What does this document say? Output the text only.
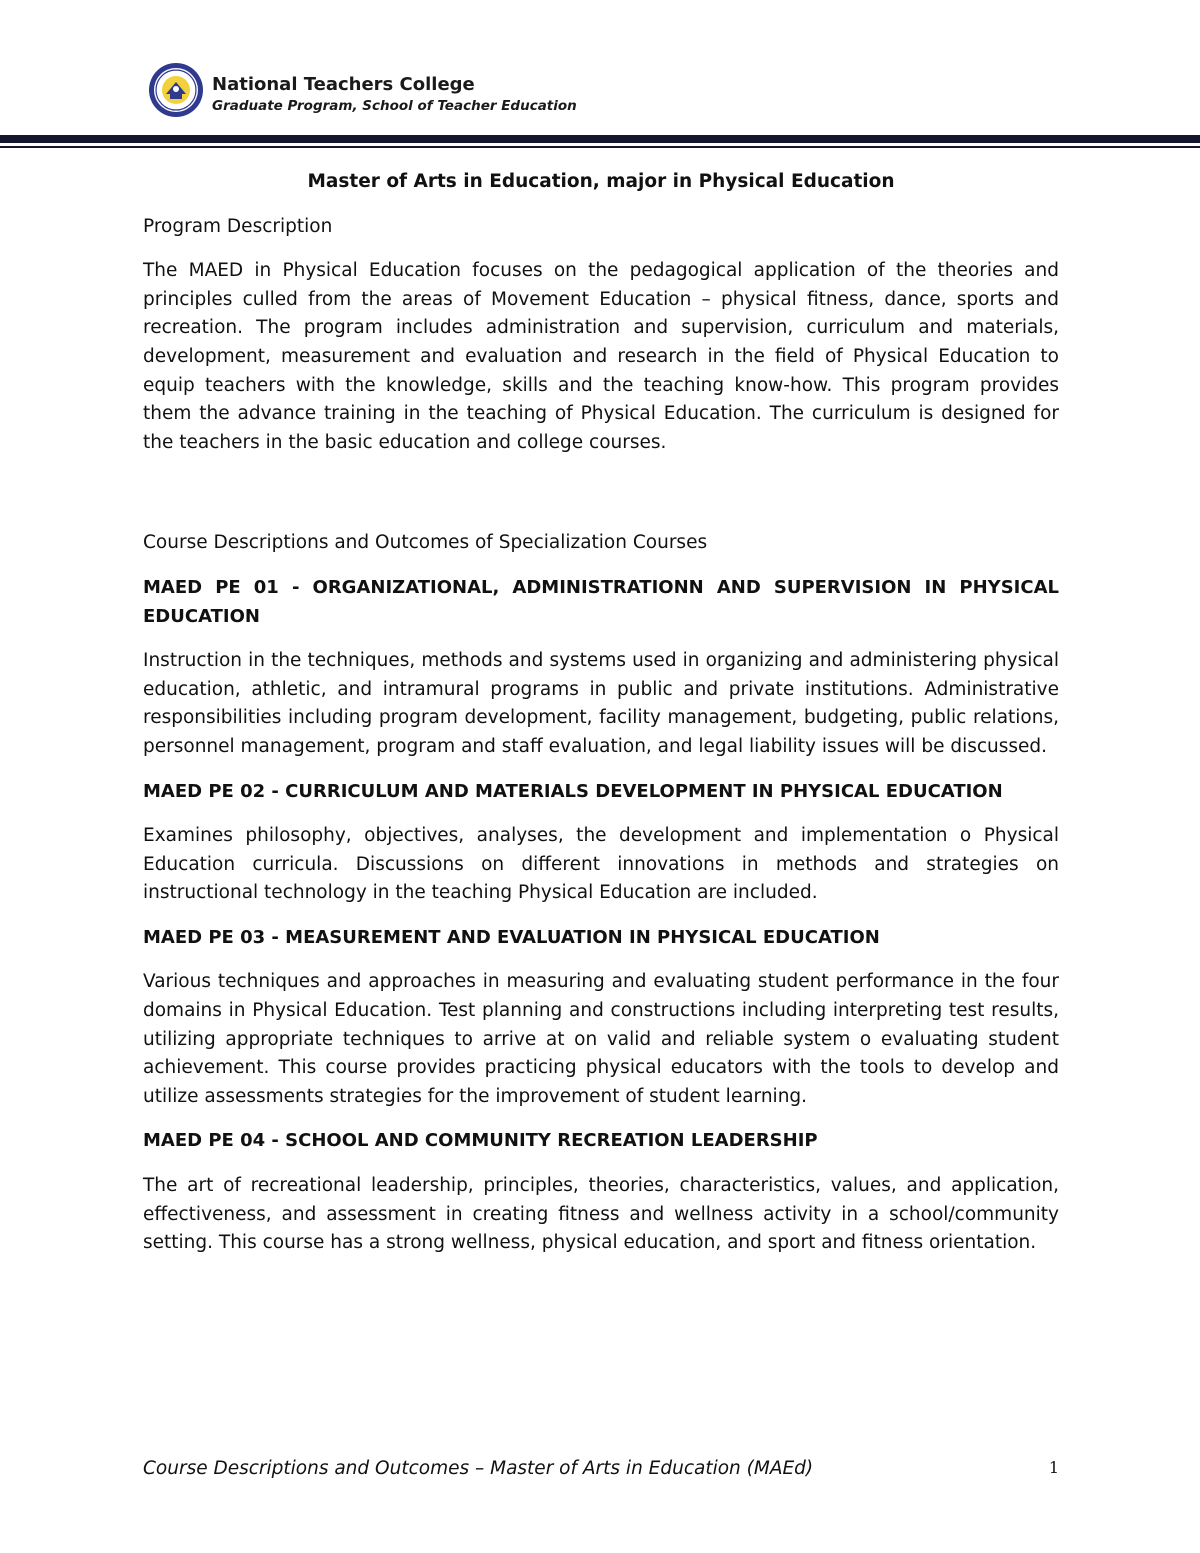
National Teachers College
Graduate Program, School of Teacher Education
Master of Arts in Education, major in Physical Education
Program Description
The MAED in Physical Education focuses on the pedagogical application of the theories and principles culled from the areas of Movement Education – physical fitness, dance, sports and recreation. The program includes administration and supervision, curriculum and materials, development, measurement and evaluation and research in the field of Physical Education to equip teachers with the knowledge, skills and the teaching know-how. This program provides them the advance training in the teaching of Physical Education. The curriculum is designed for the teachers in the basic education and college courses.
Course Descriptions and Outcomes of Specialization Courses
MAED PE 01 - ORGANIZATIONAL, ADMINISTRATIONN AND SUPERVISION IN PHYSICAL EDUCATION
Instruction in the techniques, methods and systems used in organizing and administering physical education, athletic, and intramural programs in public and private institutions. Administrative responsibilities including program development, facility management, budgeting, public relations, personnel management, program and staff evaluation, and legal liability issues will be discussed.
MAED PE 02 - CURRICULUM AND MATERIALS DEVELOPMENT IN PHYSICAL EDUCATION
Examines philosophy, objectives, analyses, the development and implementation o Physical Education curricula. Discussions on different innovations in methods and strategies on instructional technology in the teaching Physical Education are included.
MAED PE 03 - MEASUREMENT AND EVALUATION IN PHYSICAL EDUCATION
Various techniques and approaches in measuring and evaluating student performance in the four domains in Physical Education. Test planning and constructions including interpreting test results, utilizing appropriate techniques to arrive at on valid and reliable system o evaluating student achievement. This course provides practicing physical educators with the tools to develop and utilize assessments strategies for the improvement of student learning.
MAED PE 04 - SCHOOL AND COMMUNITY RECREATION LEADERSHIP
The art of recreational leadership, principles, theories, characteristics, values, and application, effectiveness, and assessment in creating fitness and wellness activity in a school/community setting. This course has a strong wellness, physical education, and sport and fitness orientation.
Course Descriptions and Outcomes – Master of Arts in Education (MAEd)	1
